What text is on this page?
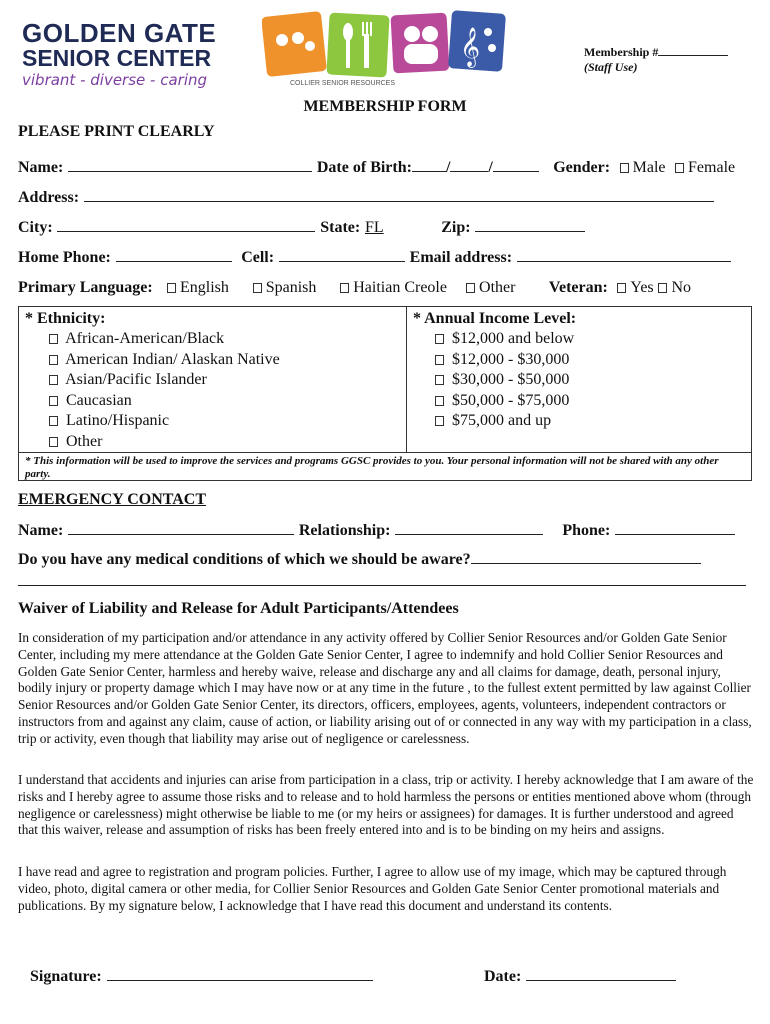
GOLDEN GATE
SENIOR CENTER
vibrant - diverse - caring
𝄞
COLLIER SENIOR RESOURCES
Membership #
(Staff Use)
MEMBERSHIP FORM
PLEASE PRINT CLEARLY
Name:	Date of Birth: / /	Gender: Male Female
Address:
City:	State: FL	Zip:
Home Phone:	Cell:	Email address:
Primary Language: English Spanish Haitian Creole Other Veteran: Yes No
* Ethnicity:
African-American/Black
American Indian/ Alaskan Native
Asian/Pacific Islander
Caucasian
Latino/Hispanic
Other
* Annual Income Level:
$12,000 and below
$12,000 - $30,000
$30,000 - $50,000
$50,000 - $75,000
$75,000 and up
* This information will be used to improve the services and programs GGSC provides to you. Your personal information will not be shared with any other party.
EMERGENCY CONTACT
Name:	Relationship:	Phone:
Do you have any medical conditions of which we should be aware?
Waiver of Liability and Release for Adult Participants/Attendees
In consideration of my participation and/or attendance in any activity offered by Collier Senior Resources and/or Golden Gate Senior Center, including my mere attendance at the Golden Gate Senior Center, I agree to indemnify and hold Collier Senior Resources and Golden Gate Senior Center, harmless and hereby waive, release and discharge any and all claims for damage, death, personal injury, bodily injury or property damage which I may have now or at any time in the future , to the fullest extent permitted by law against Collier Senior Resources and/or Golden Gate Senior Center, its directors, officers, employees, agents, volunteers, independent contractors or instructors from and against any claim, cause of action, or liability arising out of or connected in any way with my participation in a class, trip or activity, even though that liability may arise out of negligence or carelessness.
I understand that accidents and injuries can arise from participation in a class, trip or activity. I hereby acknowledge that I am aware of the risks and I hereby agree to assume those risks and to release and to hold harmless the persons or entities mentioned above whom (through negligence or carelessness) might otherwise be liable to me (or my heirs or assignees) for damages. It is further understood and agreed that this waiver, release and assumption of risks has been freely entered into and is to be binding on my heirs and assigns.
I have read and agree to registration and program policies. Further, I agree to allow use of my image, which may be captured through video, photo, digital camera or other media, for Collier Senior Resources and Golden Gate Senior Center promotional materials and publications. By my signature below, I acknowledge that I have read this document and understand its contents.
Signature:	Date:
